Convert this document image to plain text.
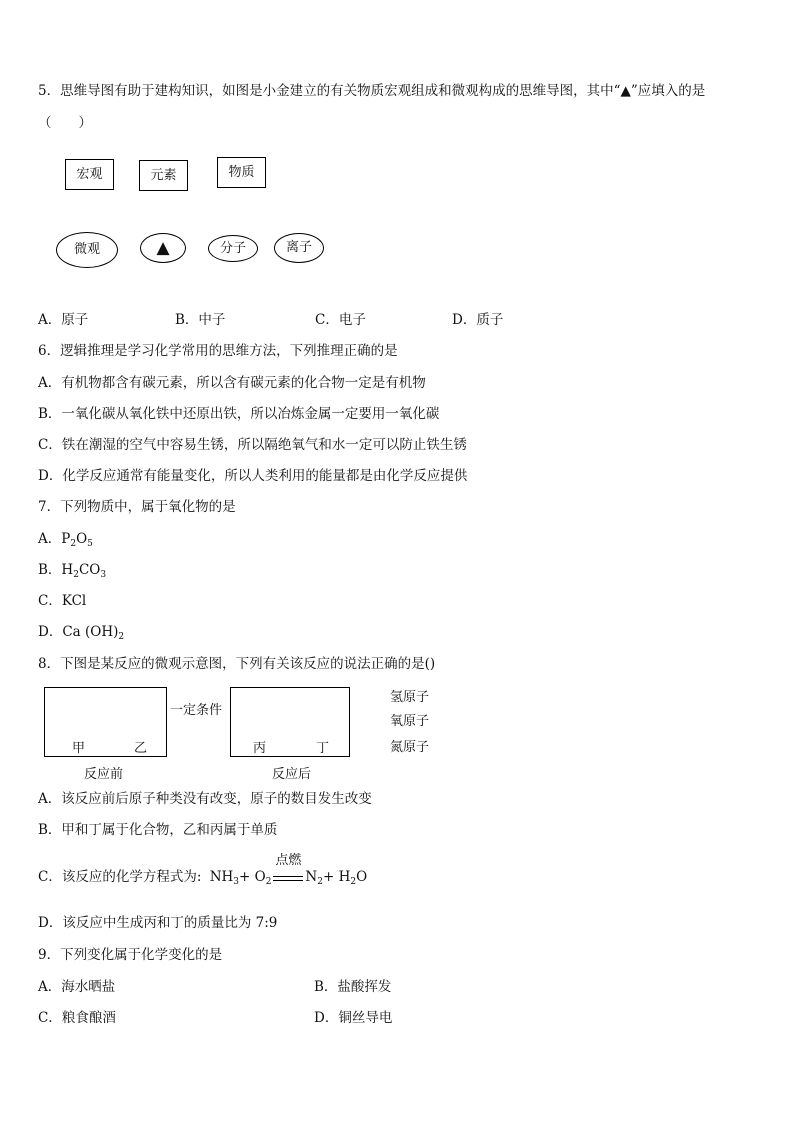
5．思维导图有助于建构知识，如图是小金建立的有关物质宏观组成和微观构成的思维导图，其中“▲”应填入的是
（　　）
宏观	元素	物质
微观	▲	分子	离子
A．原子	B．中子	C．电子	D．质子
6．逻辑推理是学习化学常用的思维方法，下列推理正确的是
A．有机物都含有碳元素，所以含有碳元素的化合物一定是有机物
B．一氧化碳从氧化铁中还原出铁，所以冶炼金属一定要用一氧化碳
C．铁在潮湿的空气中容易生锈，所以隔绝氧气和水一定可以防止铁生锈
D．化学反应通常有能量变化，所以人类利用的能量都是由化学反应提供
7．下列物质中，属于氧化物的是
A．$P_2O_5$
B．$H_2CO_3$
C．KCl
D．Ca $(OH)_2$
8．下图是某反应的微观示意图，下列有关该反应的说法正确的是()
甲	乙
一定条件
丙	丁
反应前	反应后
氢原子
氧原子
氮原子
A．该反应前后原子种类没有改变，原子的数目发生改变
B．甲和丁属于化合物，乙和丙属于单质
C．该反应的化学方程式为: $NH_3+ O_2$
点燃
$N_2+ H_2O$
D．该反应中生成丙和丁的质量比为 7:9
9．下列变化属于化学变化的是
A．海水晒盐	B．盐酸挥发
C．粮食酿酒	D．铜丝导电
